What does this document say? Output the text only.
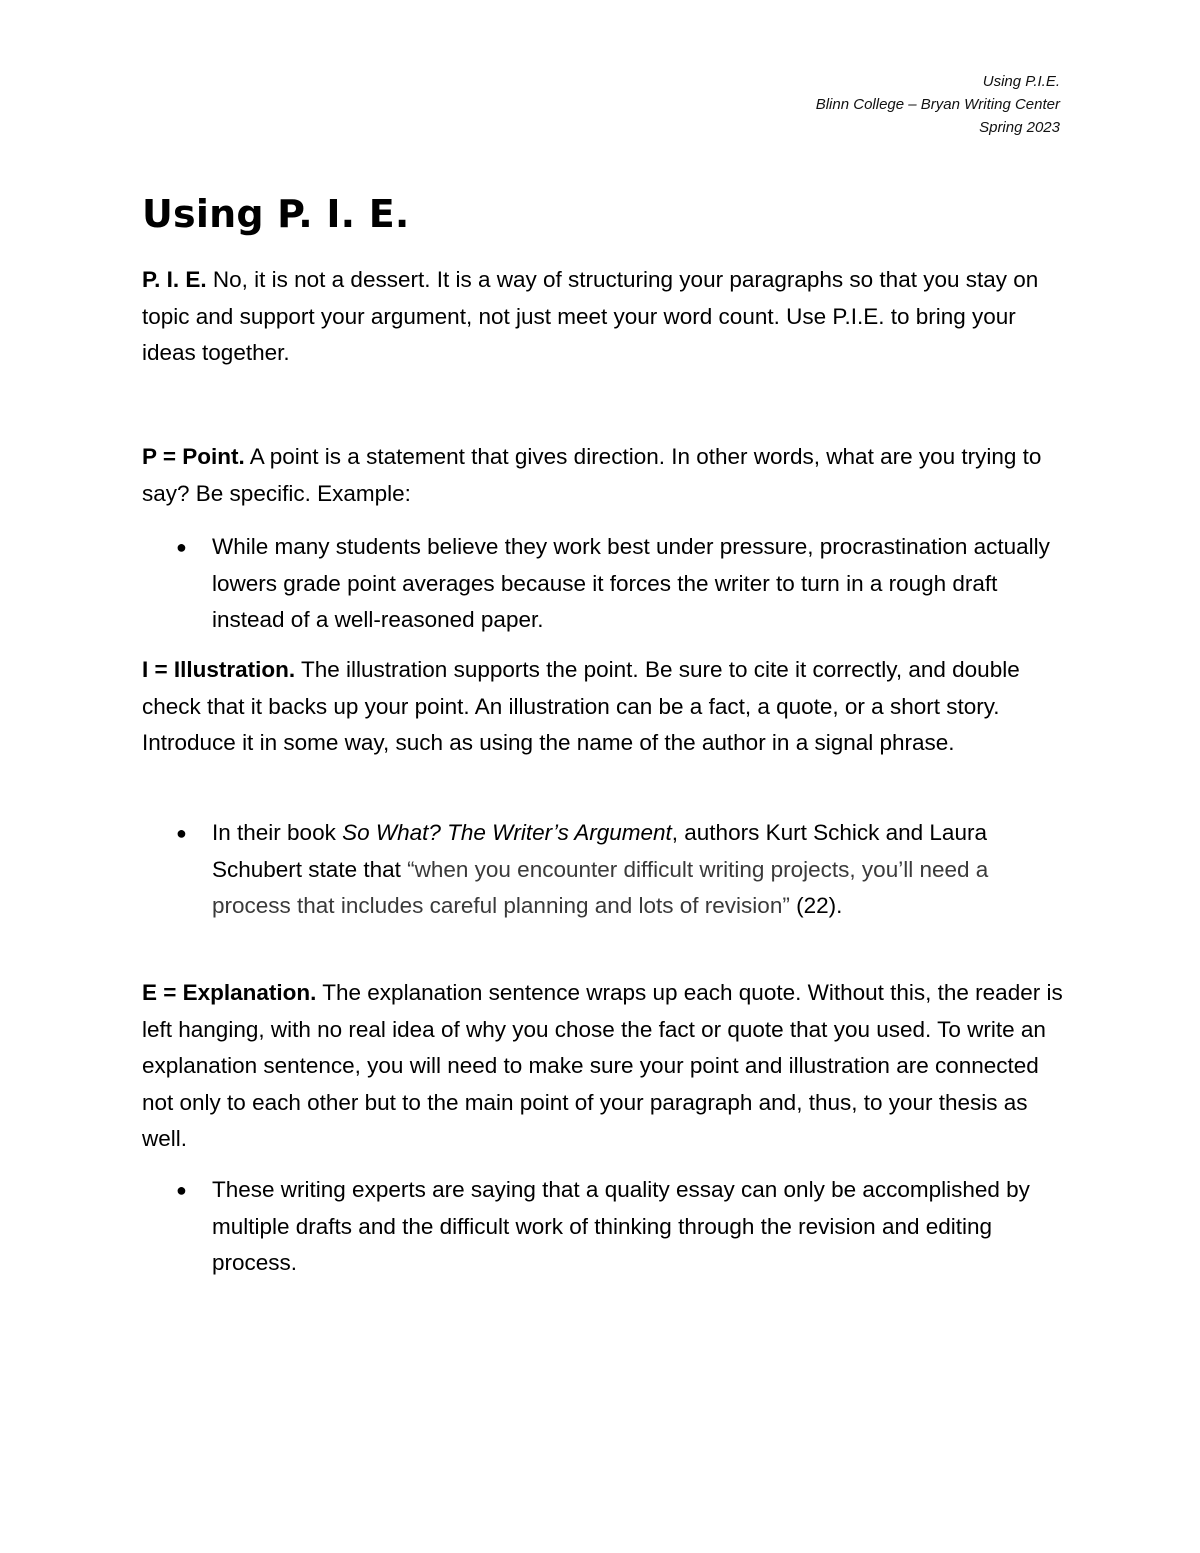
Using P.I.E.
Blinn College – Bryan Writing Center
Spring 2023
Using P. I. E.

P. I. E. No, it is not a dessert. It is a way of structuring your paragraphs so that you stay on topic and support your argument, not just meet your word count. Use P.I.E. to bring your ideas together.

P = Point. A point is a statement that gives direction. In other words, what are you trying to say? Be specific. Example:

● While many students believe they work best under pressure, procrastination actually lowers grade point averages because it forces the writer to turn in a rough draft instead of a well-reasoned paper.

I = Illustration. The illustration supports the point. Be sure to cite it correctly, and double check that it backs up your point. An illustration can be a fact, a quote, or a short story. Introduce it in some way, such as using the name of the author in a signal phrase.

● In their book So What? The Writer’s Argument, authors Kurt Schick and Laura Schubert state that “when you encounter difficult writing projects, you’ll need a process that includes careful planning and lots of revision” (22).

E = Explanation. The explanation sentence wraps up each quote. Without this, the reader is left hanging, with no real idea of why you chose the fact or quote that you used. To write an explanation sentence, you will need to make sure your point and illustration are connected not only to each other but to the main point of your paragraph and, thus, to your thesis as well.

● These writing experts are saying that a quality essay can only be accomplished by multiple drafts and the difficult work of thinking through the revision and editing process.
